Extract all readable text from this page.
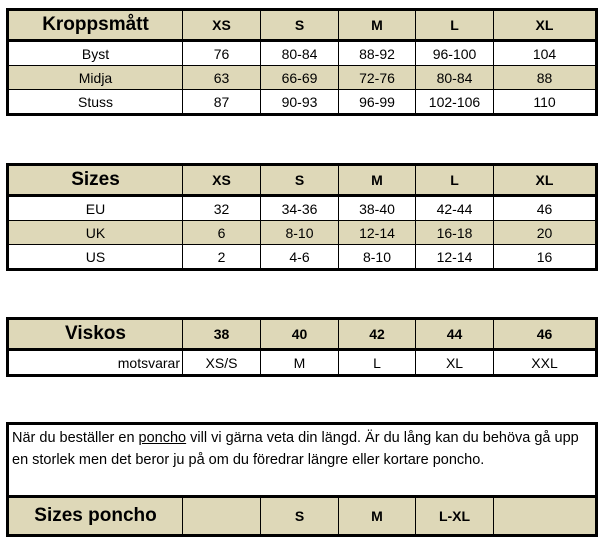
Kroppsmått	XS	S	M	L	XL
Byst	76	80-84	88-92	96-100	104
Midja	63	66-69	72-76	80-84	88
Stuss	87	90-93	96-99	102-106	110
Sizes	XS	S	M	L	XL
EU	32	34-36	38-40	42-44	46
UK	6	8-10	12-14	16-18	20
US	2	4-6	8-10	12-14	16
Viskos	38	40	42	44	46
motsvarar	XS/S	M	L	XL	XXL
När du beställer en poncho vill vi gärna veta din längd. Är du lång kan du behöva gå upp en storlek men det beror ju på om du föredrar längre eller kortare poncho.
Sizes poncho		S	M	L-XL	
